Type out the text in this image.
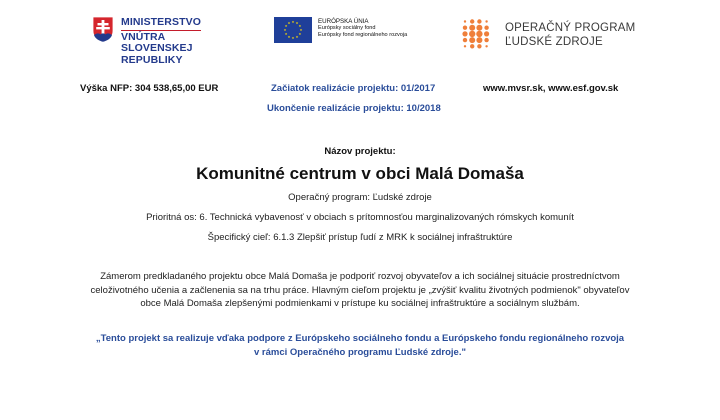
MINISTERSTVO
VNÚTRA
SLOVENSKEJ REPUBLIKY
EURÓPSKA ÚNIA
Európsky sociálny fond
Európsky fond regionálneho rozvoja
OPERAČNÝ PROGRAM
ĽUDSKÉ ZDROJE
Výška NFP: 304 538,65,00 EUR	Začiatok realizácie projektu: 01/2017
Ukončenie realizácie projektu: 10/2018
www.mvsr.sk, www.esf.gov.sk
Názov projektu:
Komunitné centrum v obci Malá Domaša
Operačný program: Ľudské zdroje
Prioritná os: 6. Technická vybavenosť v obciach s prítomnosťou marginalizovaných rómskych komunít
Špecifický cieľ: 6.1.3 Zlepšiť prístup ľudí z MRK k sociálnej infraštruktúre
Zámerom predkladaného projektu obce Malá Domaša je podporiť rozvoj obyvateľov a ich sociálnej situácie prostredníctvom
celoživotného učenia a začlenenia sa na trhu práce. Hlavným cieľom projektu je „zvýšiť kvalitu životných podmienok" obyvateľov
obce Malá Domaša zlepšenými podmienkami v prístupe ku sociálnej infraštruktúre a sociálnym službám.
„Tento projekt sa realizuje vďaka podpore z Európskeho sociálneho fondu a Európskeho fondu regionálneho rozvoja
v rámci Operačného programu Ľudské zdroje."
